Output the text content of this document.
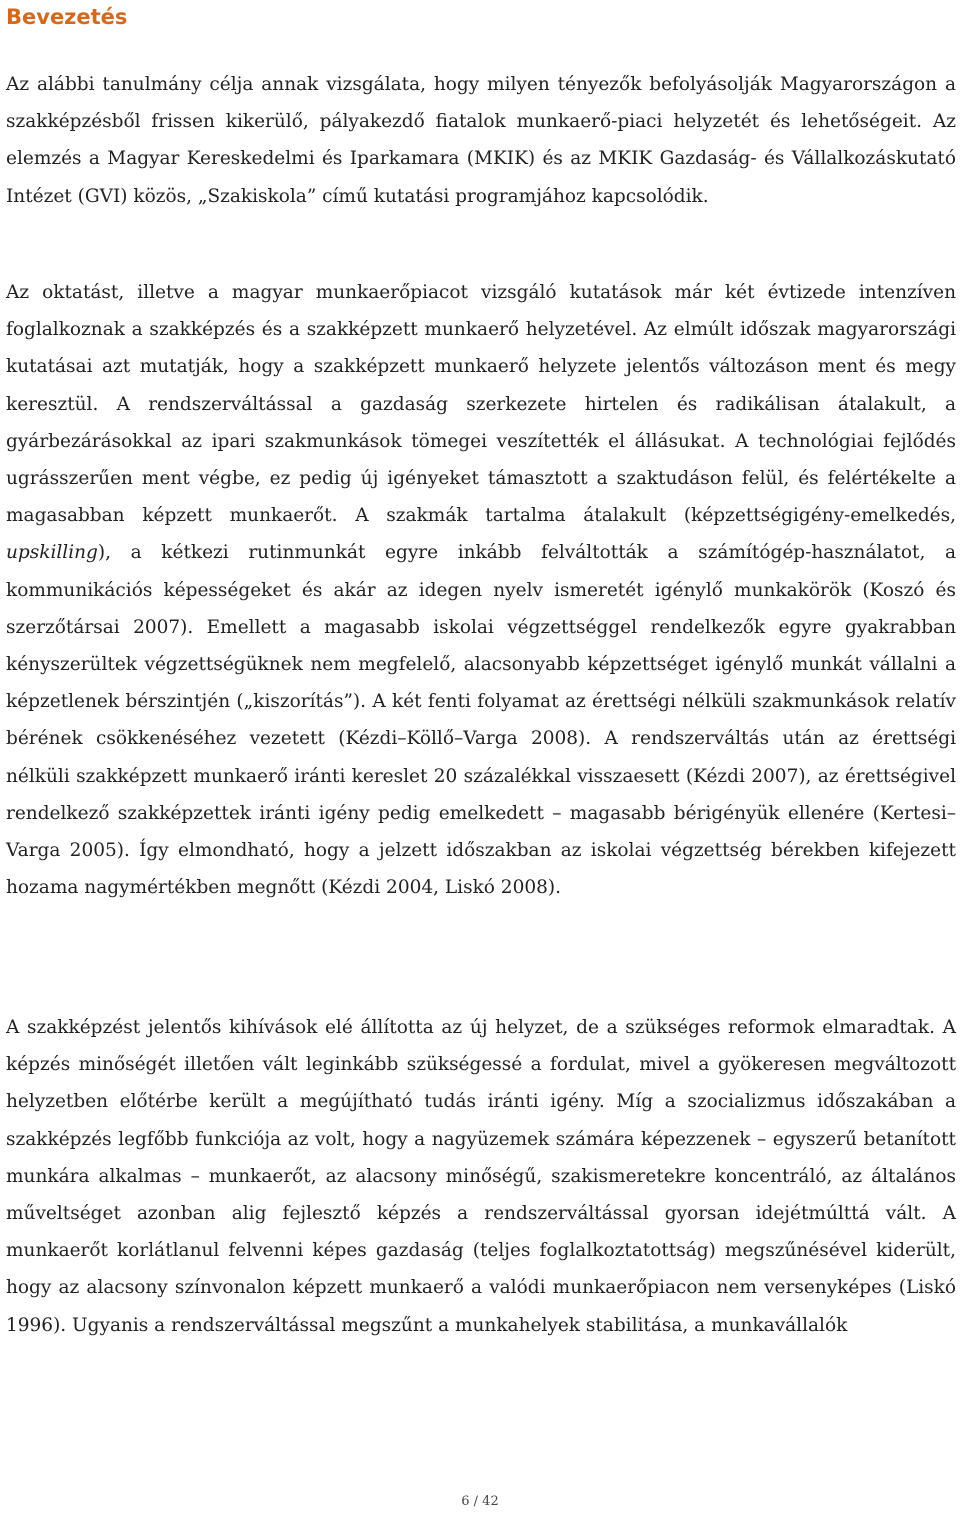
Bevezetés

Az alábbi tanulmány célja annak vizsgálata, hogy milyen tényezők befolyásolják Magyarországon a szakképzésből frissen kikerülő, pályakezdő fiatalok munkaerő-piaci helyzetét és lehetőségeit. Az elemzés a Magyar Kereskedelmi és Iparkamara (MKIK) és az MKIK Gazdaság- és Vállalkozáskutató Intézet (GVI) közös, „Szakiskola” című kutatási programjához kapcsolódik.

Az oktatást, illetve a magyar munkaerőpiacot vizsgáló kutatások már két évtizede intenzíven foglalkoznak a szakképzés és a szakképzett munkaerő helyzetével. Az elmúlt időszak magyarországi kutatásai azt mutatják, hogy a szakképzett munkaerő helyzete jelentős változáson ment és megy keresztül. A rendszerváltással a gazdaság szerkezete hirtelen és radikálisan átalakult, a gyárbezárásokkal az ipari szakmunkások tömegei veszítették el állásukat. A technológiai fejlődés ugrásszerűen ment végbe, ez pedig új igényeket támasztott a szaktudáson felül, és felértékelte a magasabban képzett munkaerőt. A szakmák tartalma átalakult (képzettségigény-emelkedés, upskilling), a kétkezi rutinmunkát egyre inkább felváltották a számítógép-használatot, a kommunikációs képességeket és akár az idegen nyelv ismeretét igénylő munkakörök (Koszó és szerzőtársai 2007). Emellett a magasabb iskolai végzettséggel rendelkezők egyre gyakrabban kényszerültek végzettségüknek nem megfelelő, alacsonyabb képzettséget igénylő munkát vállalni a képzetlenek bérszintjén („kiszorítás”). A két fenti folyamat az érettségi nélküli szakmunkások relatív bérének csökkenéséhez vezetett (Kézdi–Köllő–Varga 2008). A rendszerváltás után az érettségi nélküli szakképzett munkaerő iránti kereslet 20 százalékkal visszaesett (Kézdi 2007), az érettségivel rendelkező szakképzettek iránti igény pedig emelkedett – magasabb bérigényük ellenére (Kertesi–Varga 2005). Így elmondható, hogy a jelzett időszakban az iskolai végzettség bérekben kifejezett hozama nagymértékben megnőtt (Kézdi 2004, Liskó 2008).

A szakképzést jelentős kihívások elé állította az új helyzet, de a szükséges reformok elmaradtak. A képzés minőségét illetően vált leginkább szükségessé a fordulat, mivel a gyökeresen megváltozott helyzetben előtérbe került a megújítható tudás iránti igény. Míg a szocializmus időszakában a szakképzés legfőbb funkciója az volt, hogy a nagyüzemek számára képezzenek – egyszerű betanított munkára alkalmas – munkaerőt, az alacsony minőségű, szakismeretekre koncentráló, az általános műveltséget azonban alig fejlesztő képzés a rendszerváltással gyorsan idejétmúlttá vált. A munkaerőt korlátlanul felvenni képes gazdaság (teljes foglalkoztatottság) megszűnésével kiderült, hogy az alacsony színvonalon képzett munkaerő a valódi munkaerőpiacon nem versenyképes (Liskó 1996). Ugyanis a rendszerváltással megszűnt a munkahelyek stabilitása, a munkavállalók

6 / 42
